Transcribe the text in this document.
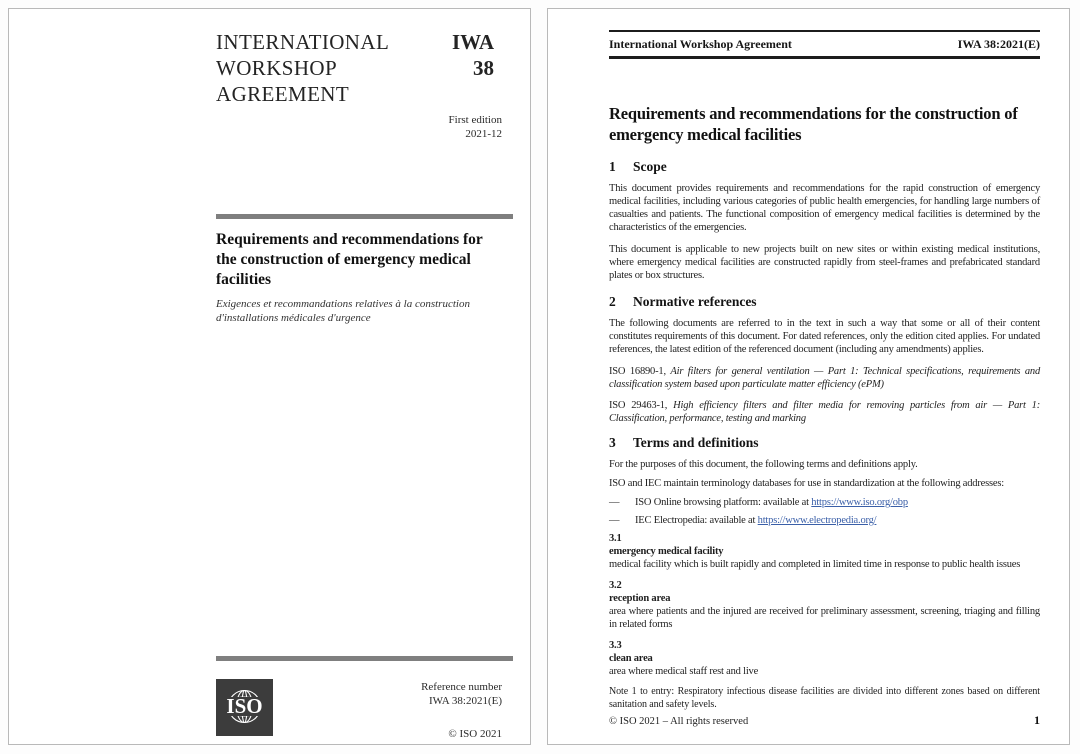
INTERNATIONAL
WORKSHOP
AGREEMENT
IWA
38
First edition
2021-12
Requirements and recommendations for the construction of emergency medical facilities
Exigences et recommandations relatives à la construction d'installations médicales d'urgence
ISO
Reference number
IWA 38:2021(E)
© ISO 2021
International Workshop Agreement	IWA 38:2021(E)
Requirements and recommendations for the construction of emergency medical facilities
1 Scope

This document provides requirements and recommendations for the rapid construction of emergency medical facilities, including various categories of public health emergencies, for handling large numbers of casualties and patients. The functional composition of emergency medical facilities is determined by the characteristics of the emergencies.

This document is applicable to new projects built on new sites or within existing medical institutions, where emergency medical facilities are constructed rapidly from steel-frames and prefabricated standard plates or box structures.

2 Normative references

The following documents are referred to in the text in such a way that some or all of their content constitutes requirements of this document. For dated references, only the edition cited applies. For undated references, the latest edition of the referenced document (including any amendments) applies.

ISO 16890-1, Air filters for general ventilation — Part 1: Technical specifications, requirements and classification system based upon particulate matter efficiency (ePM)

ISO 29463-1, High efficiency filters and filter media for removing particles from air — Part 1: Classification, performance, testing and marking

3 Terms and definitions

For the purposes of this document, the following terms and definitions apply.

ISO and IEC maintain terminology databases for use in standardization at the following addresses:

—	ISO Online browsing platform: available at https://www.iso.org/obp
—	IEC Electropedia: available at https://www.electropedia.org/
3.1
emergency medical facility
medical facility which is built rapidly and completed in limited time in response to public health issues
3.2
reception area
area where patients and the injured are received for preliminary assessment, screening, triaging and filling in related forms
3.3
clean area
area where medical staff rest and live
Note 1 to entry: Respiratory infectious disease facilities are divided into different zones based on different sanitation and safety levels.
© ISO 2021 – All rights reserved	1
